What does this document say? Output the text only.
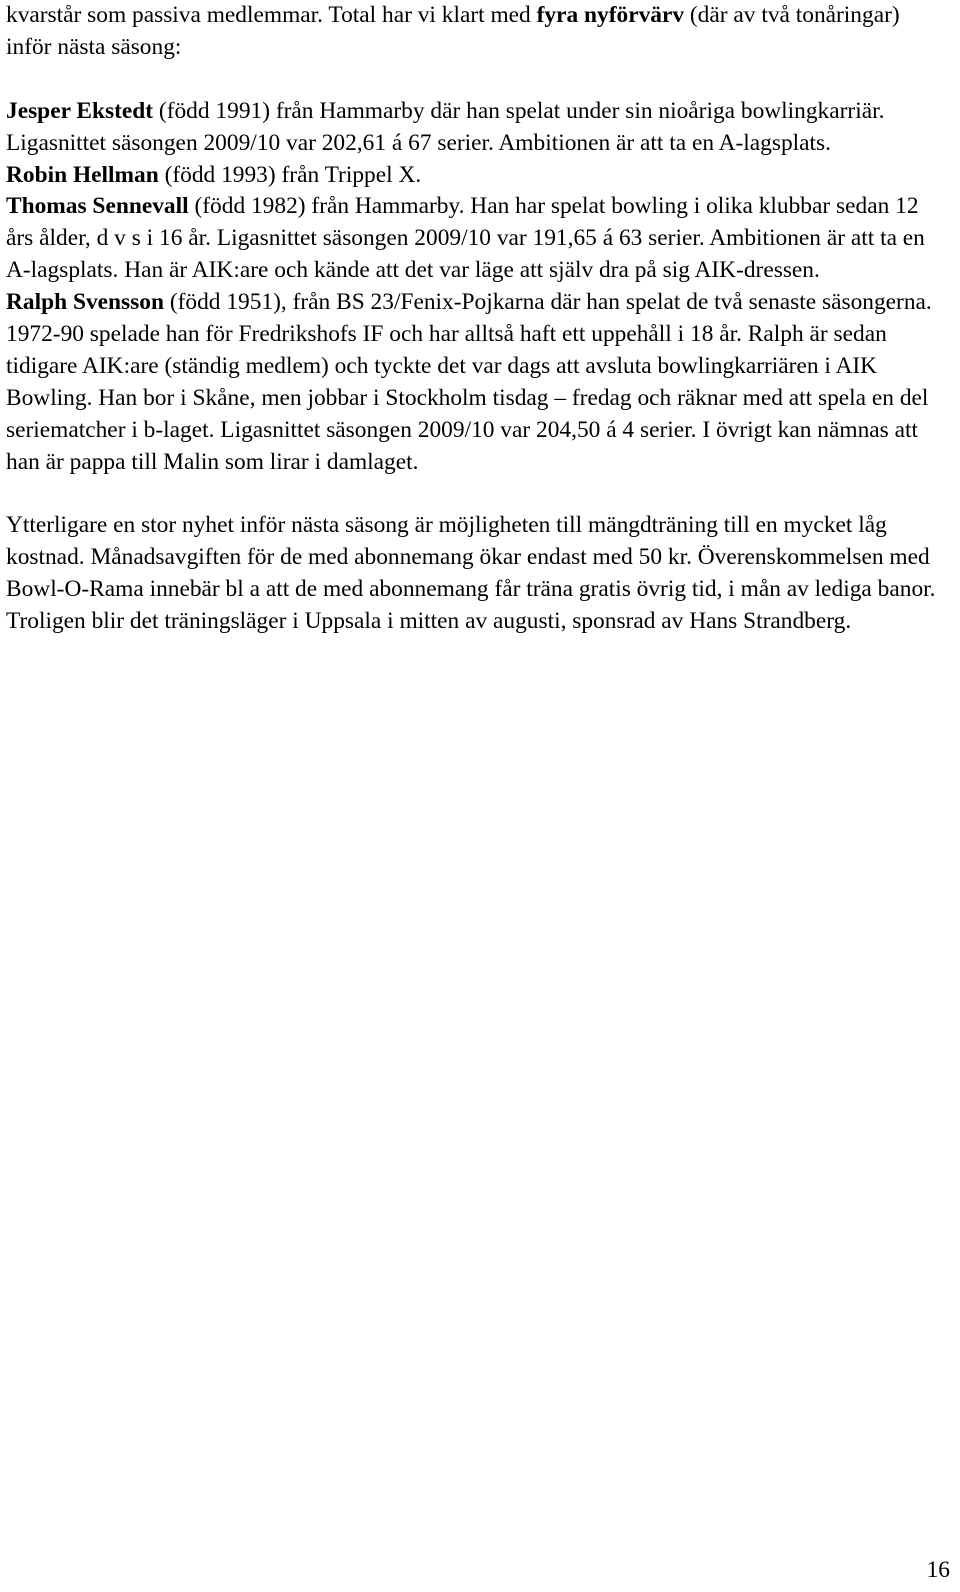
kvarstår som passiva medlemmar. Total har vi klart med fyra nyförvärv (där av två tonåringar) inför nästa säsong:

Jesper Ekstedt (född 1991) från Hammarby där han spelat under sin nioåriga bowlingkarriär. Ligasnittet säsongen 2009/10 var 202,61 á 67 serier. Ambitionen är att ta en A-lagsplats.

Robin Hellman (född 1993) från Trippel X.

Thomas Sennevall (född 1982) från Hammarby. Han har spelat bowling i olika klubbar sedan 12 års ålder, d v s i 16 år. Ligasnittet säsongen 2009/10 var 191,65 á 63 serier. Ambitionen är att ta en A-lagsplats. Han är AIK:are och kände att det var läge att själv dra på sig AIK-dressen.

Ralph Svensson (född 1951), från BS 23/Fenix-Pojkarna där han spelat de två senaste säsongerna. 1972-90 spelade han för Fredrikshofs IF och har alltså haft ett uppehåll i 18 år. Ralph är sedan tidigare AIK:are (ständig medlem) och tyckte det var dags att avsluta bowlingkarriären i AIK Bowling. Han bor i Skåne, men jobbar i Stockholm tisdag – fredag och räknar med att spela en del seriematcher i b-laget. Ligasnittet säsongen 2009/10 var 204,50 á 4 serier. I övrigt kan nämnas att han är pappa till Malin som lirar i damlaget.

Ytterligare en stor nyhet inför nästa säsong är möjligheten till mängdträning till en mycket låg kostnad. Månadsavgiften för de med abonnemang ökar endast med 50 kr. Överenskommelsen med Bowl-O-Rama innebär bl a att de med abonnemang får träna gratis övrig tid, i mån av lediga banor. Troligen blir det träningsläger i Uppsala i mitten av augusti, sponsrad av Hans Strandberg.

16
